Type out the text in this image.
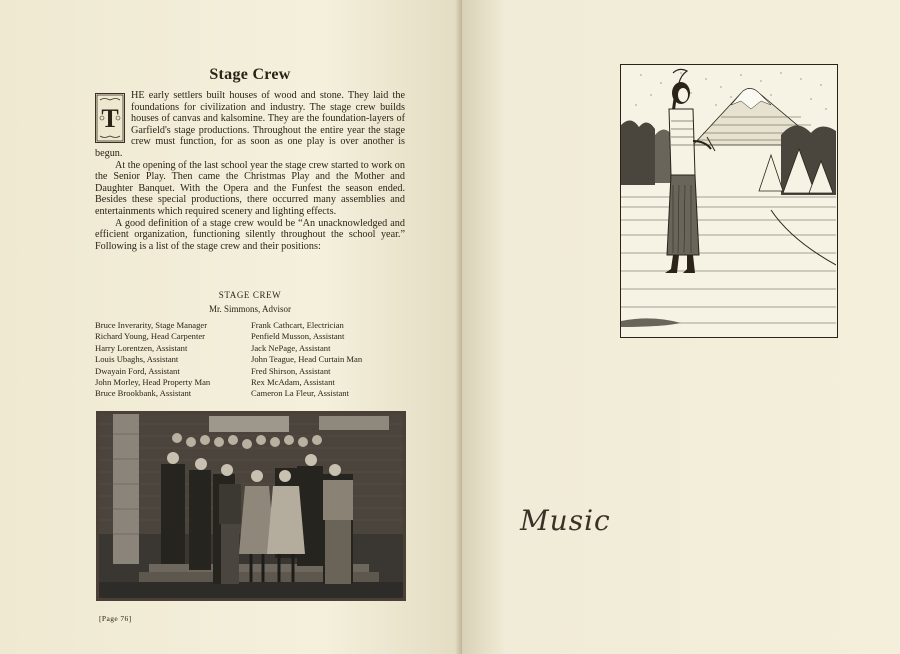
Stage Crew
T

HE early settlers built houses of wood and stone. They laid the foundations for civilization and industry. The stage crew builds houses of canvas and kalsomine. They are the foundation-layers of Garfield's stage productions. Throughout the entire year the stage crew must function, for as soon as one play is over another is begun.

At the opening of the last school year the stage crew started to work on the Senior Play. Then came the Christmas Play and the Mother and Daughter Banquet. With the Opera and the Funfest the season ended. Besides these special productions, there occurred many assemblies and entertainments which required scenery and lighting effects.

A good definition of a stage crew would be “An unacknowledged and efficient organization, functioning silently throughout the school year.” Following is a list of the stage crew and their positions:

STAGE CREW
Mr. Simmons, Advisor
Bruce Inverarity, Stage Manager
Richard Young, Head Carpenter
Harry Lorentzen, Assistant
Louis Ubaghs, Assistant
Dwayain Ford, Assistant
John Morley, Head Property Man
Bruce Brookbank, Assistant
Frank Cathcart, Electrician
Penfield Musson, Assistant
Jack NePage, Assistant
John Teague, Head Curtain Man
Fred Shirson, Assistant
Rex McAdam, Assistant
Cameron La Fleur, Assistant
[Page 76]
Music
